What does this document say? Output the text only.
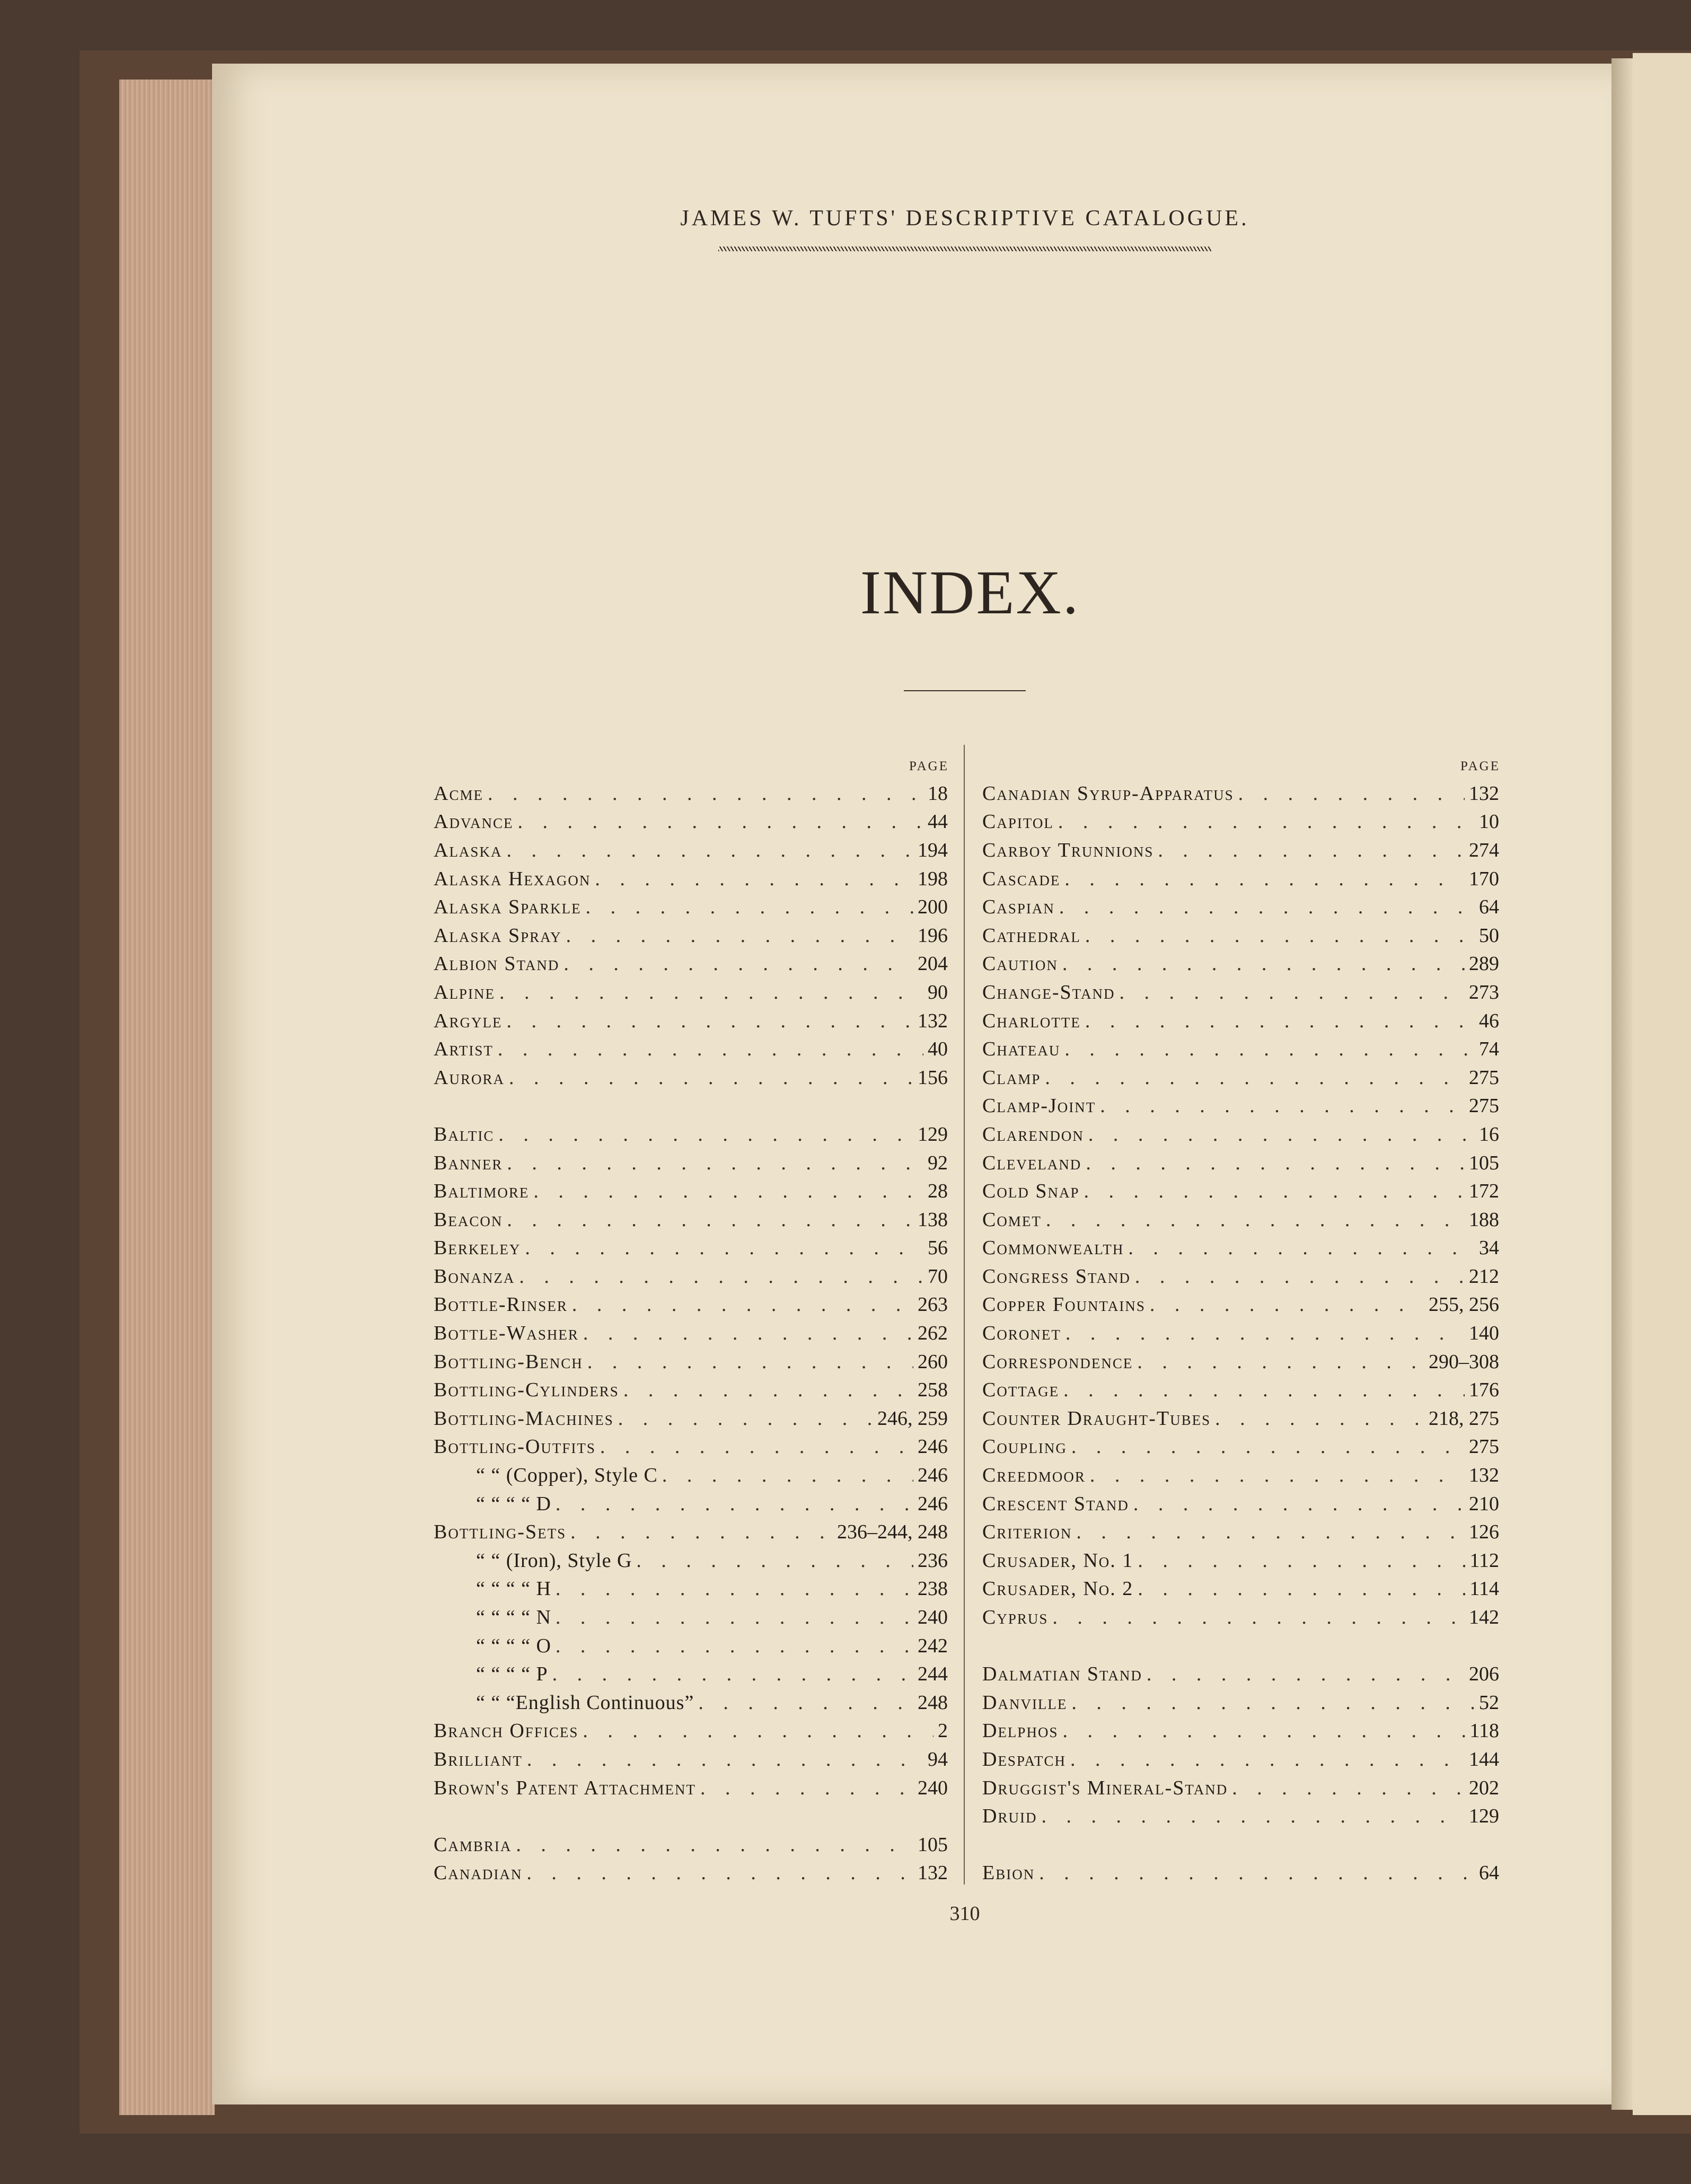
JAMES W. TUFTS' DESCRIPTIVE CATALOGUE.
INDEX.
PAGE	PAGE
Acme . . .	18
Advance . . .	44
Alaska . . .	194
Alaska Hexagon . . .	198
Alaska Sparkle . . .	200
Alaska Spray . . .	196
Albion Stand . . .	204
Alpine . . .	90
Argyle . . .	132
Artist . . .	40
Aurora . . .	156
Baltic . . .	129
Banner . . .	92
Baltimore . . .	28
Beacon . . .	138
Berkeley . . .	56
Bonanza . . .	70
Bottle-Rinser . . .	263
Bottle-Washer . . .	262
Bottling-Bench . . .	260
Bottling-Cylinders . . .	258
Bottling-Machines . . .	246, 259
Bottling-Outfits . . .	246
“ “ (Copper), Style C . . .	246
“ “ “ “ D . . .	246
Bottling-Sets . . .	236–244, 248
“ “ (Iron), Style G . . .	236
“ “ “ “ H . . .	238
“ “ “ “ N . . .	240
“ “ “ “ O . . .	242
“ “ “ “ P . . .	244
“ “ “English Continuous” . . .	248
Branch Offices . . .	2
Brilliant . . .	94
Brown's Patent Attachment . . .	240
Cambria . . .	105
Canadian . . .	132
Canadian Syrup-Apparatus . . .	132
Capitol . . .	10
Carboy Trunnions . . .	274
Cascade . . .	170
Caspian . . .	64
Cathedral . . .	50
Caution . . .	289
Change-Stand . . .	273
Charlotte . . .	46
Chateau . . .	74
Clamp . . .	275
Clamp-Joint . . .	275
Clarendon . . .	16
Cleveland . . .	105
Cold Snap . . .	172
Comet . . .	188
Commonwealth . . .	34
Congress Stand . . .	212
Copper Fountains . . .	255, 256
Coronet . . .	140
Correspondence . . .	290–308
Cottage . . .	176
Counter Draught-Tubes . . .	218, 275
Coupling . . .	275
Creedmoor . . .	132
Crescent Stand . . .	210
Criterion . . .	126
Crusader, No. 1 . . .	112
Crusader, No. 2 . . .	114
Cyprus . . .	142
Dalmatian Stand . . .	206
Danville . . .	52
Delphos . . .	118
Despatch . . .	144
Druggist's Mineral-Stand . . .	202
Druid . . .	129
Ebion . . .	64
310
